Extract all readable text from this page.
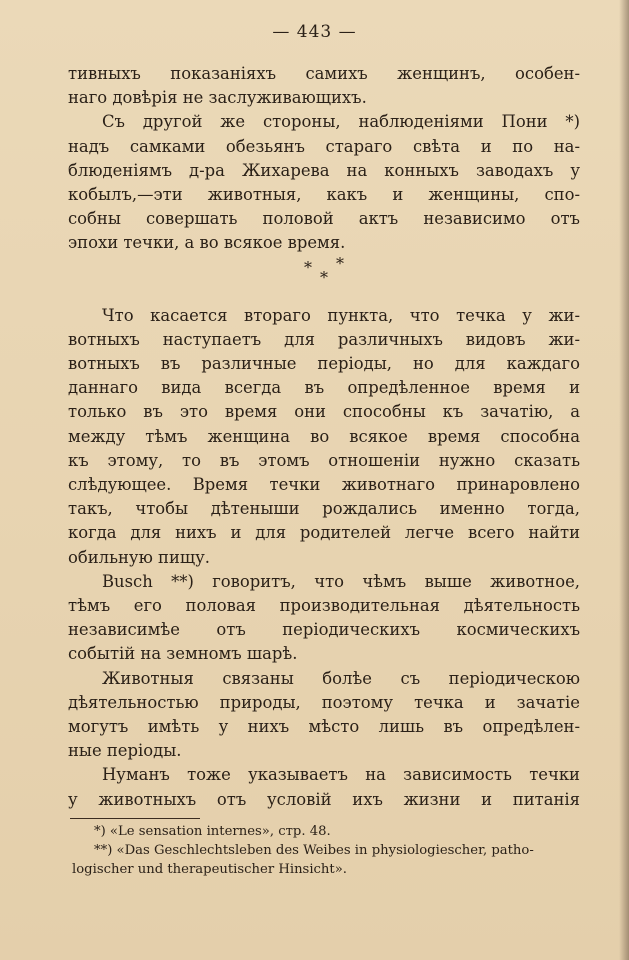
— 443 —
тивныхъ показаніяхъ самихъ женщинъ, особен-
наго довѣрія не заслуживающихъ.
Съ другой же стороны, наблюденіями Пони *)
надъ самками обезьянъ стараго свѣта и по на-
блюденіямъ д-ра Жихарева на конныхъ заводахъ у
кобылъ,—эти животныя, какъ и женщины, спо-
собны совершать половой актъ независимо отъ
эпохи течки, а во всякое время.
* *
*
Что касается втораго пункта, что течка у жи-
вотныхъ наступаетъ для различныхъ видовъ жи-
вотныхъ въ различные періоды, но для каждаго
даннаго вида всегда въ опредѣленное время и
только въ это время они способны къ зачатію, а
между тѣмъ женщина во всякое время способна
къ этому, то въ этомъ отношеніи нужно сказать
слѣдующее. Время течки животнаго принаровлено
такъ, чтобы дѣтеныши рождались именно тогда,
когда для нихъ и для родителей легче всего найти
обильную пищу.
Busch **) говоритъ, что чѣмъ выше животное,
тѣмъ его половая производительная дѣятельность
независимѣе отъ періодическихъ космическихъ
событій на земномъ шарѣ.
Животныя связаны болѣе съ періодическою
дѣятельностью природы, поэтому течка и зачатіе
могутъ имѣть у нихъ мѣсто лишь въ опредѣлен-
ные періоды.
Нуманъ тоже указываетъ на зависимость течки
у животныхъ отъ условій ихъ жизни и питанія
*) «Le sensation internes», стр. 48.
**) «Das Geschlechtsleben des Weibes in physiologiescher, patho-
logischer und therapeutischer Hinsicht».
